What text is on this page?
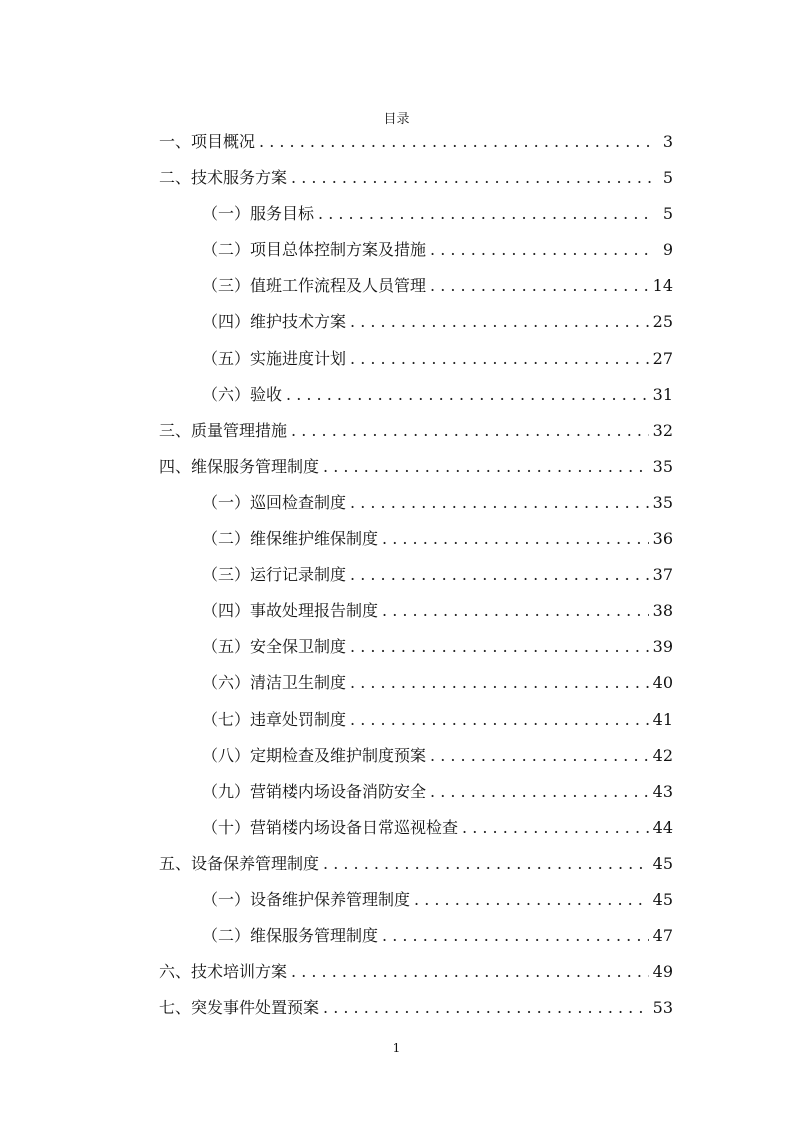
目录
一、项目概况 . . .	3
二、技术服务方案 . . .	5
（一）服务目标 . . .	5
（二）项目总体控制方案及措施 . . .	9
（三）值班工作流程及人员管理 . . .	14
（四）维护技术方案 . . .	25
（五）实施进度计划 . . .	27
（六）验收 . . .	31
三、质量管理措施 . . .	32
四、维保服务管理制度 . . .	35
（一）巡回检查制度 . . .	35
（二）维保维护维保制度 . . .	36
（三）运行记录制度 . . .	37
（四）事故处理报告制度 . . .	38
（五）安全保卫制度 . . .	39
（六）清洁卫生制度 . . .	40
（七）违章处罚制度 . . .	41
（八）定期检查及维护制度预案 . . .	42
（九）营销楼内场设备消防安全 . . .	43
（十）营销楼内场设备日常巡视检查 . . .	44
五、设备保养管理制度 . . .	45
（一）设备维护保养管理制度 . . .	45
（二）维保服务管理制度 . . .	47
六、技术培训方案 . . .	49
七、突发事件处置预案 . . .	53
1
